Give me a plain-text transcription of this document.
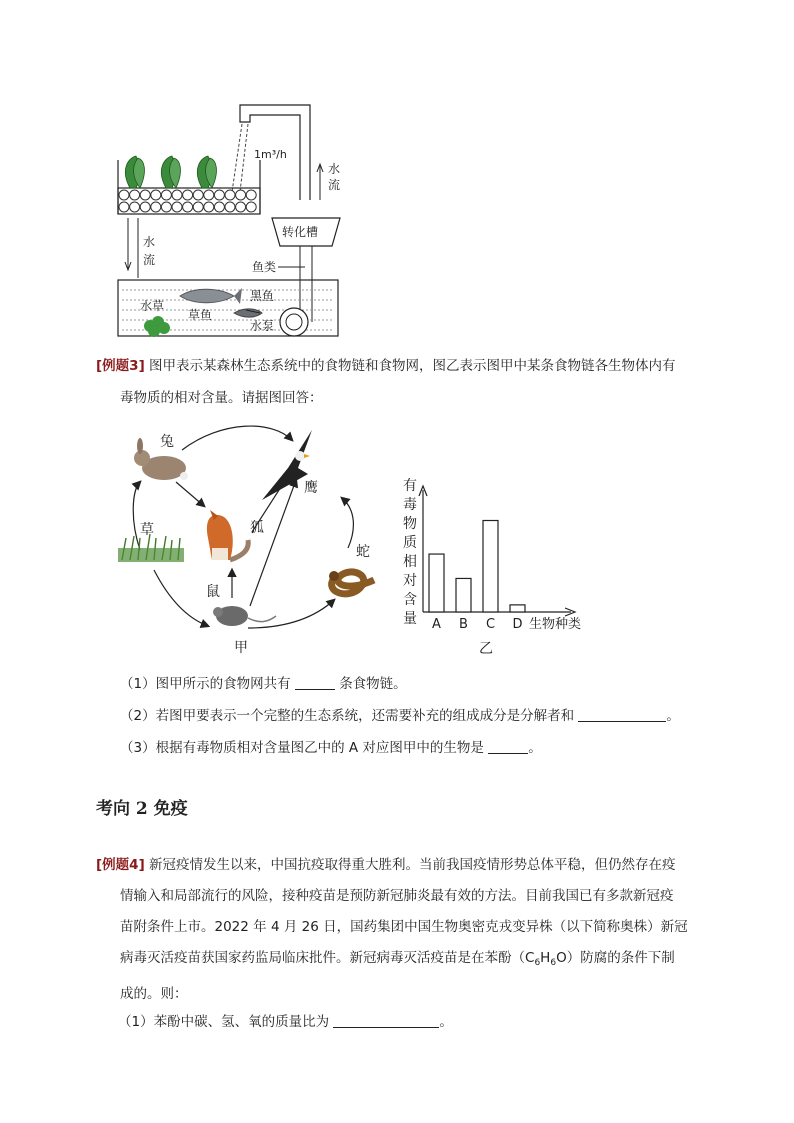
1m³/h
水
流
水
流
转化槽
鱼类
黑鱼
草鱼
水草
水泵
[例题3] 图甲表示某森林生态系统中的食物链和食物网，图乙表示图甲中某条食物链各生物体内有
毒物质的相对含量。请据图回答：
兔
鹰
草	狐
蛇
鼠
甲
有
毒
物
质
相
对
含
量 A B C D 生物种类
乙
（1）图甲所示的食物网共有	条食物链。
（2）若图甲要表示一个完整的生态系统，还需要补充的组成成分是分解者和	。
（3）根据有毒物质相对含量图乙中的 A 对应图甲中的生物是	。
考向 2 免疫
[例题4] 新冠疫情发生以来，中国抗疫取得重大胜利。当前我国疫情形势总体平稳，但仍然存在疫
情输入和局部流行的风险，接种疫苗是预防新冠肺炎最有效的方法。目前我国已有多款新冠疫
苗附条件上市。2022 年 4 月 26 日，国药集团中国生物奥密克戎变异株（以下简称奥株）新冠
病毒灭活疫苗获国家药监局临床批件。新冠病毒灭活疫苗是在苯酚$(C_6H_6O)$防腐的条件下制
成的。则：
（1）苯酚中碳、氢、氧的质量比为	。
